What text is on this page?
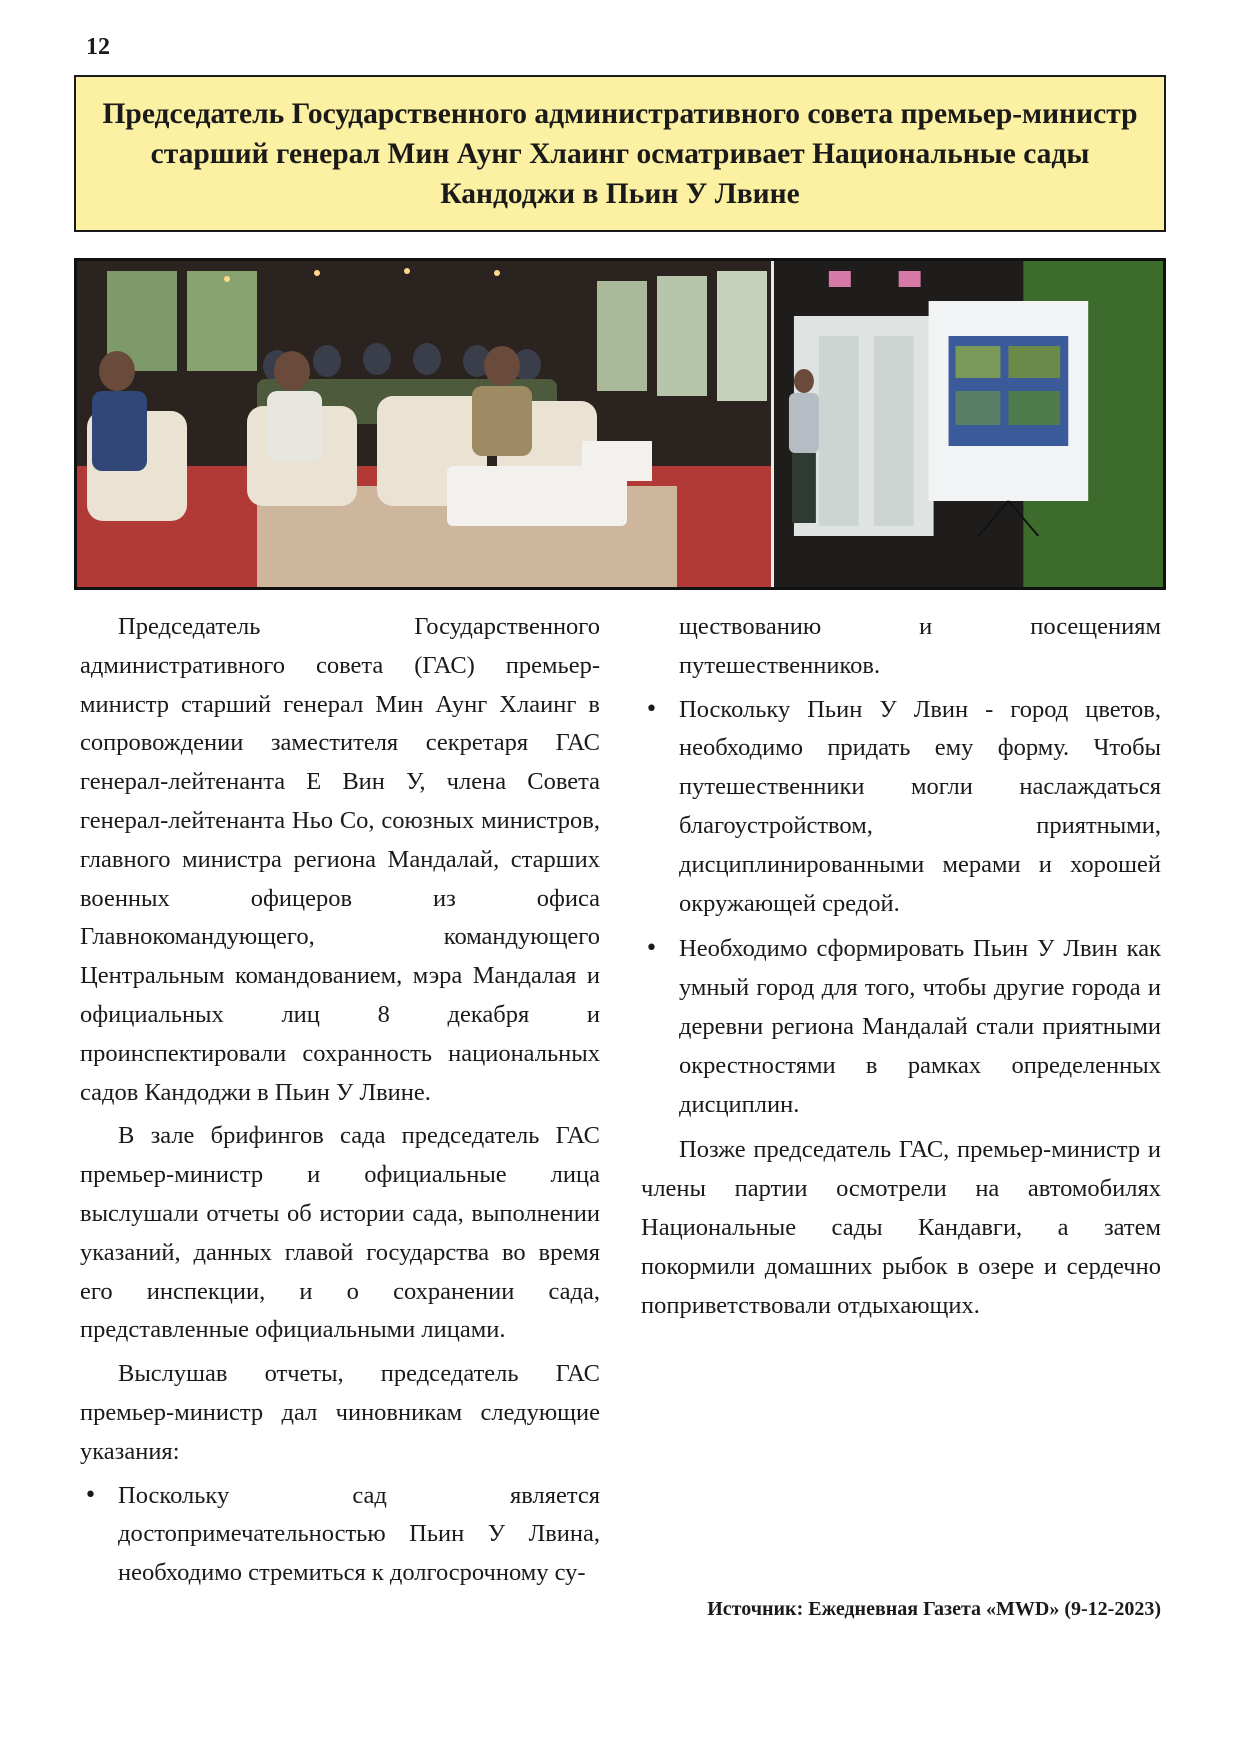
12
Председатель Государственного административного совета премьер-министр старший генерал Мин Аунг Хлаинг осматривает Национальные сады Кандоджи в Пьин У Лвине

Председатель Государственного административного совета (ГАС) премьер-министр старший генерал Мин Аунг Хлаинг в сопровождении заместителя секретаря ГАС генерал-лейтенанта Е Вин У, члена Совета генерал-лейтенанта Ньо Со, союзных министров, главного министра региона Мандалай, старших военных офицеров из офиса Главнокомандующего, командующего Центральным командованием, мэра Мандалая и официальных лиц 8 декабря и проинспектировали сохранность национальных садов Кандоджи в Пьин У Лвине.

В зале брифингов сада председатель ГАС премьер-министр и официальные лица выслушали отчеты об истории сада, выполнении указаний, данных главой государства во время его инспекции, и о сохранении сада, представленные официальными лицами.

Выслушав отчеты, председатель ГАС премьер-министр дал чиновникам следующие указания:

• Поскольку сад является достопримечательностью Пьин У Лвина, необходимо стремиться к долгосрочному су-

ществованию и посещениям путешественников.

• Поскольку Пьин У Лвин - город цветов, необходимо придать ему форму. Чтобы путешественники могли наслаждаться благоустройством, приятными, дисциплинированными мерами и хорошей окружающей средой.
• Необходимо сформировать Пьин У Лвин как умный город для того, чтобы другие города и деревни региона Мандалай стали приятными окрестностями в рамках определенных дисциплин.

Позже председатель ГАС, премьер-министр и члены партии осмотрели на автомобилях Национальные сады Кандавги, а затем покормили домашних рыбок в озере и сердечно поприветствовали отдыхающих.

Источник: Ежедневная Газета «MWD» (9-12-2023)
